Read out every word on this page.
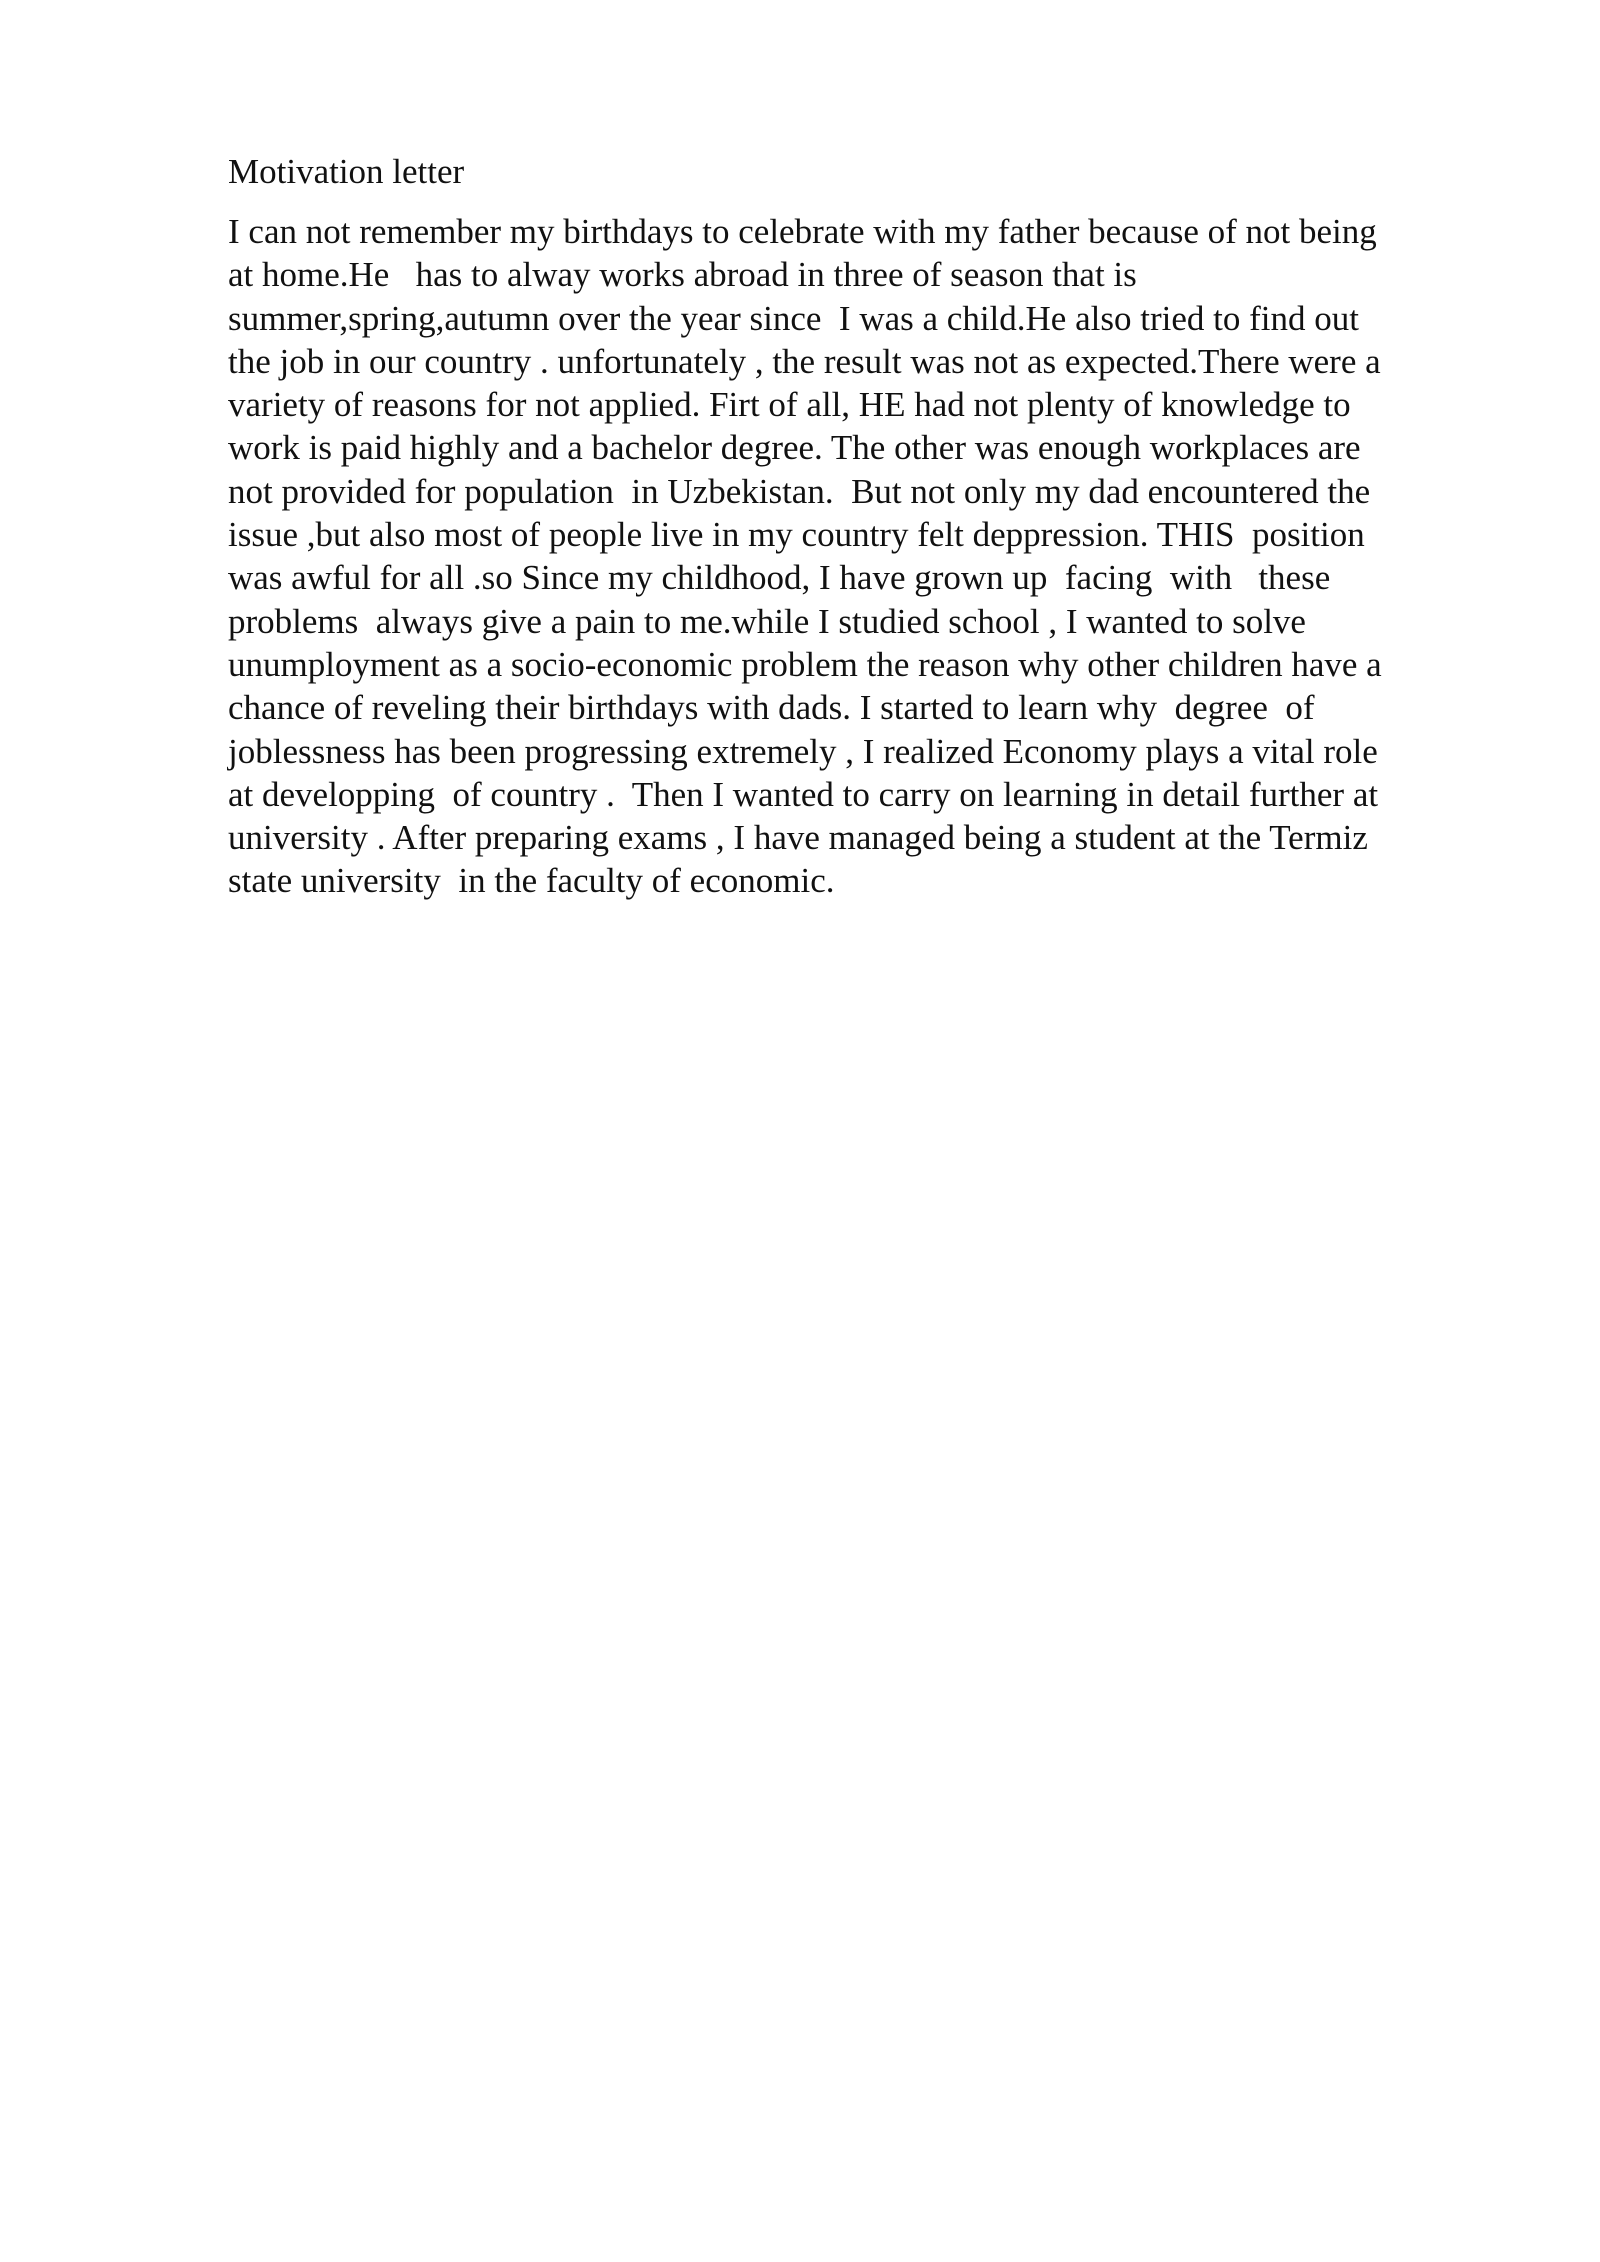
Motivation letter
I can not remember my birthdays to celebrate with my father because of not being
at home.He   has to alway works abroad in three of season that is
summer,spring,autumn over the year since  I was a child.He also tried to find out
the job in our country . unfortunately , the result was not as expected.There were a
variety of reasons for not applied. Firt of all, HE had not plenty of knowledge to
work is paid highly and a bachelor degree. The other was enough workplaces are
not provided for population  in Uzbekistan.  But not only my dad encountered the
issue ,but also most of people live in my country felt deppression. THIS  position
was awful for all .so Since my childhood, I have grown up  facing  with   these
problems  always give a pain to me.while I studied school , I wanted to solve
unumployment as a socio-economic problem the reason why other children have a
chance of reveling their birthdays with dads. I started to learn why  degree  of
joblessness has been progressing extremely , I realized Economy plays a vital role
at developping  of country .  Then I wanted to carry on learning in detail further at
university . After preparing exams , I have managed being a student at the Termiz
state university  in the faculty of economic.
